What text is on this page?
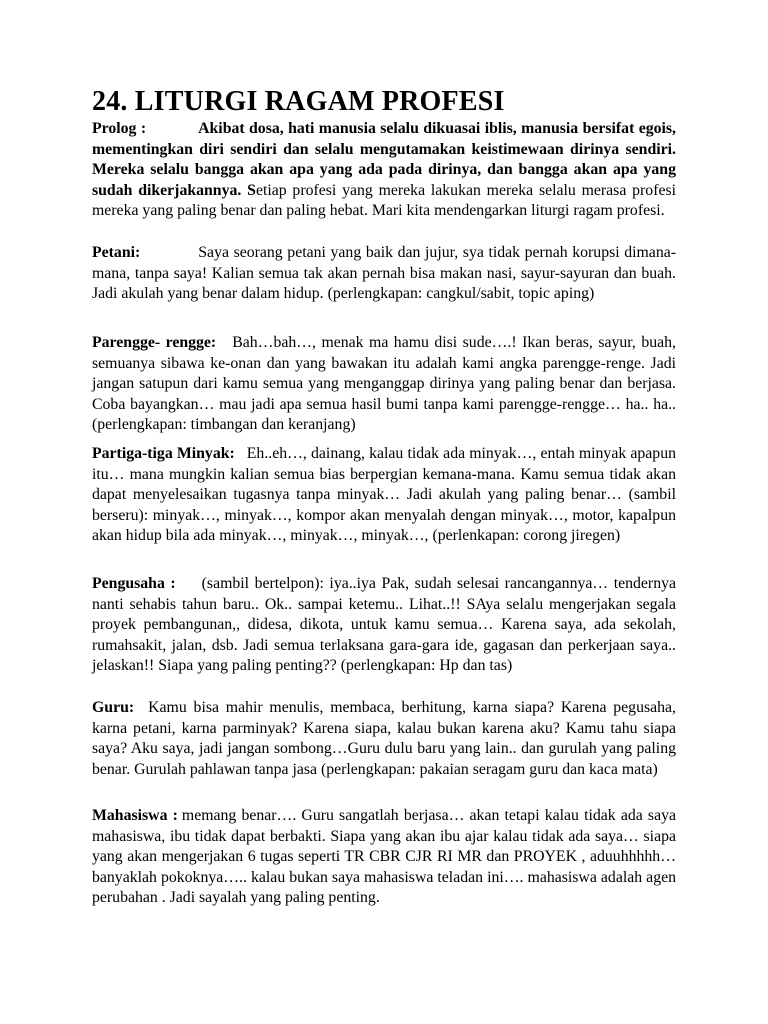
24. LITURGI RAGAM PROFESI

Prolog :	Akibat dosa, hati manusia selalu dikuasai iblis, manusia bersifat egois, mementingkan diri sendiri dan selalu mengutamakan keistimewaan dirinya sendiri. Mereka selalu bangga akan apa yang ada pada dirinya, dan bangga akan apa yang sudah dikerjakannya. Setiap profesi yang mereka lakukan mereka selalu merasa profesi mereka yang paling benar dan paling hebat. Mari kita mendengarkan liturgi ragam profesi.

Petani:	Saya seorang petani yang baik dan jujur, sya tidak pernah korupsi dimana-mana, tanpa saya! Kalian semua tak akan pernah bisa makan nasi, sayur-sayuran dan buah. Jadi akulah yang benar dalam hidup. (perlengkapan: cangkul/sabit, topic aping)

Parengge- rengge: Bah…bah…, menak ma hamu disi sude….! Ikan beras, sayur, buah, semuanya sibawa ke-onan dan yang bawakan itu adalah kami angka parengge-renge. Jadi jangan satupun dari kamu semua yang menganggap dirinya yang paling benar dan berjasa. Coba bayangkan… mau jadi apa semua hasil bumi tanpa kami parengge-rengge… ha.. ha.. (perlengkapan: timbangan dan keranjang)

Partiga-tiga Minyak: Eh..eh…, dainang, kalau tidak ada minyak…, entah minyak apapun itu… mana mungkin kalian semua bias berpergian kemana-mana. Kamu semua tidak akan dapat menyelesaikan tugasnya tanpa minyak… Jadi akulah yang paling benar… (sambil berseru): minyak…, minyak…, kompor akan menyalah dengan minyak…, motor, kapalpun akan hidup bila ada minyak…, minyak…, minyak…, (perlenkapan: corong jiregen)

Pengusaha : (sambil bertelpon): iya..iya Pak, sudah selesai rancangannya… tendernya nanti sehabis tahun baru.. Ok.. sampai ketemu.. Lihat..!! SAya selalu mengerjakan segala proyek pembangunan,, didesa, dikota, untuk kamu semua… Karena saya, ada sekolah, rumahsakit, jalan, dsb. Jadi semua terlaksana gara-gara ide, gagasan dan perkerjaan saya.. jelaskan!! Siapa yang paling penting?? (perlengkapan: Hp dan tas)

Guru: Kamu bisa mahir menulis, membaca, berhitung, karna siapa? Karena pegusaha, karna petani, karna parminyak? Karena siapa, kalau bukan karena aku? Kamu tahu siapa saya? Aku saya, jadi jangan sombong…Guru dulu baru yang lain.. dan gurulah yang paling benar. Gurulah pahlawan tanpa jasa (perlengkapan: pakaian seragam guru dan kaca mata)

Mahasiswa : memang benar…. Guru sangatlah berjasa… akan tetapi kalau tidak ada saya mahasiswa, ibu tidak dapat berbakti. Siapa yang akan ibu ajar kalau tidak ada saya… siapa yang akan mengerjakan 6 tugas seperti TR CBR CJR RI MR dan PROYEK , aduuhhhhh… banyaklah pokoknya….. kalau bukan saya mahasiswa teladan ini…. mahasiswa adalah agen perubahan . Jadi sayalah yang paling penting.
